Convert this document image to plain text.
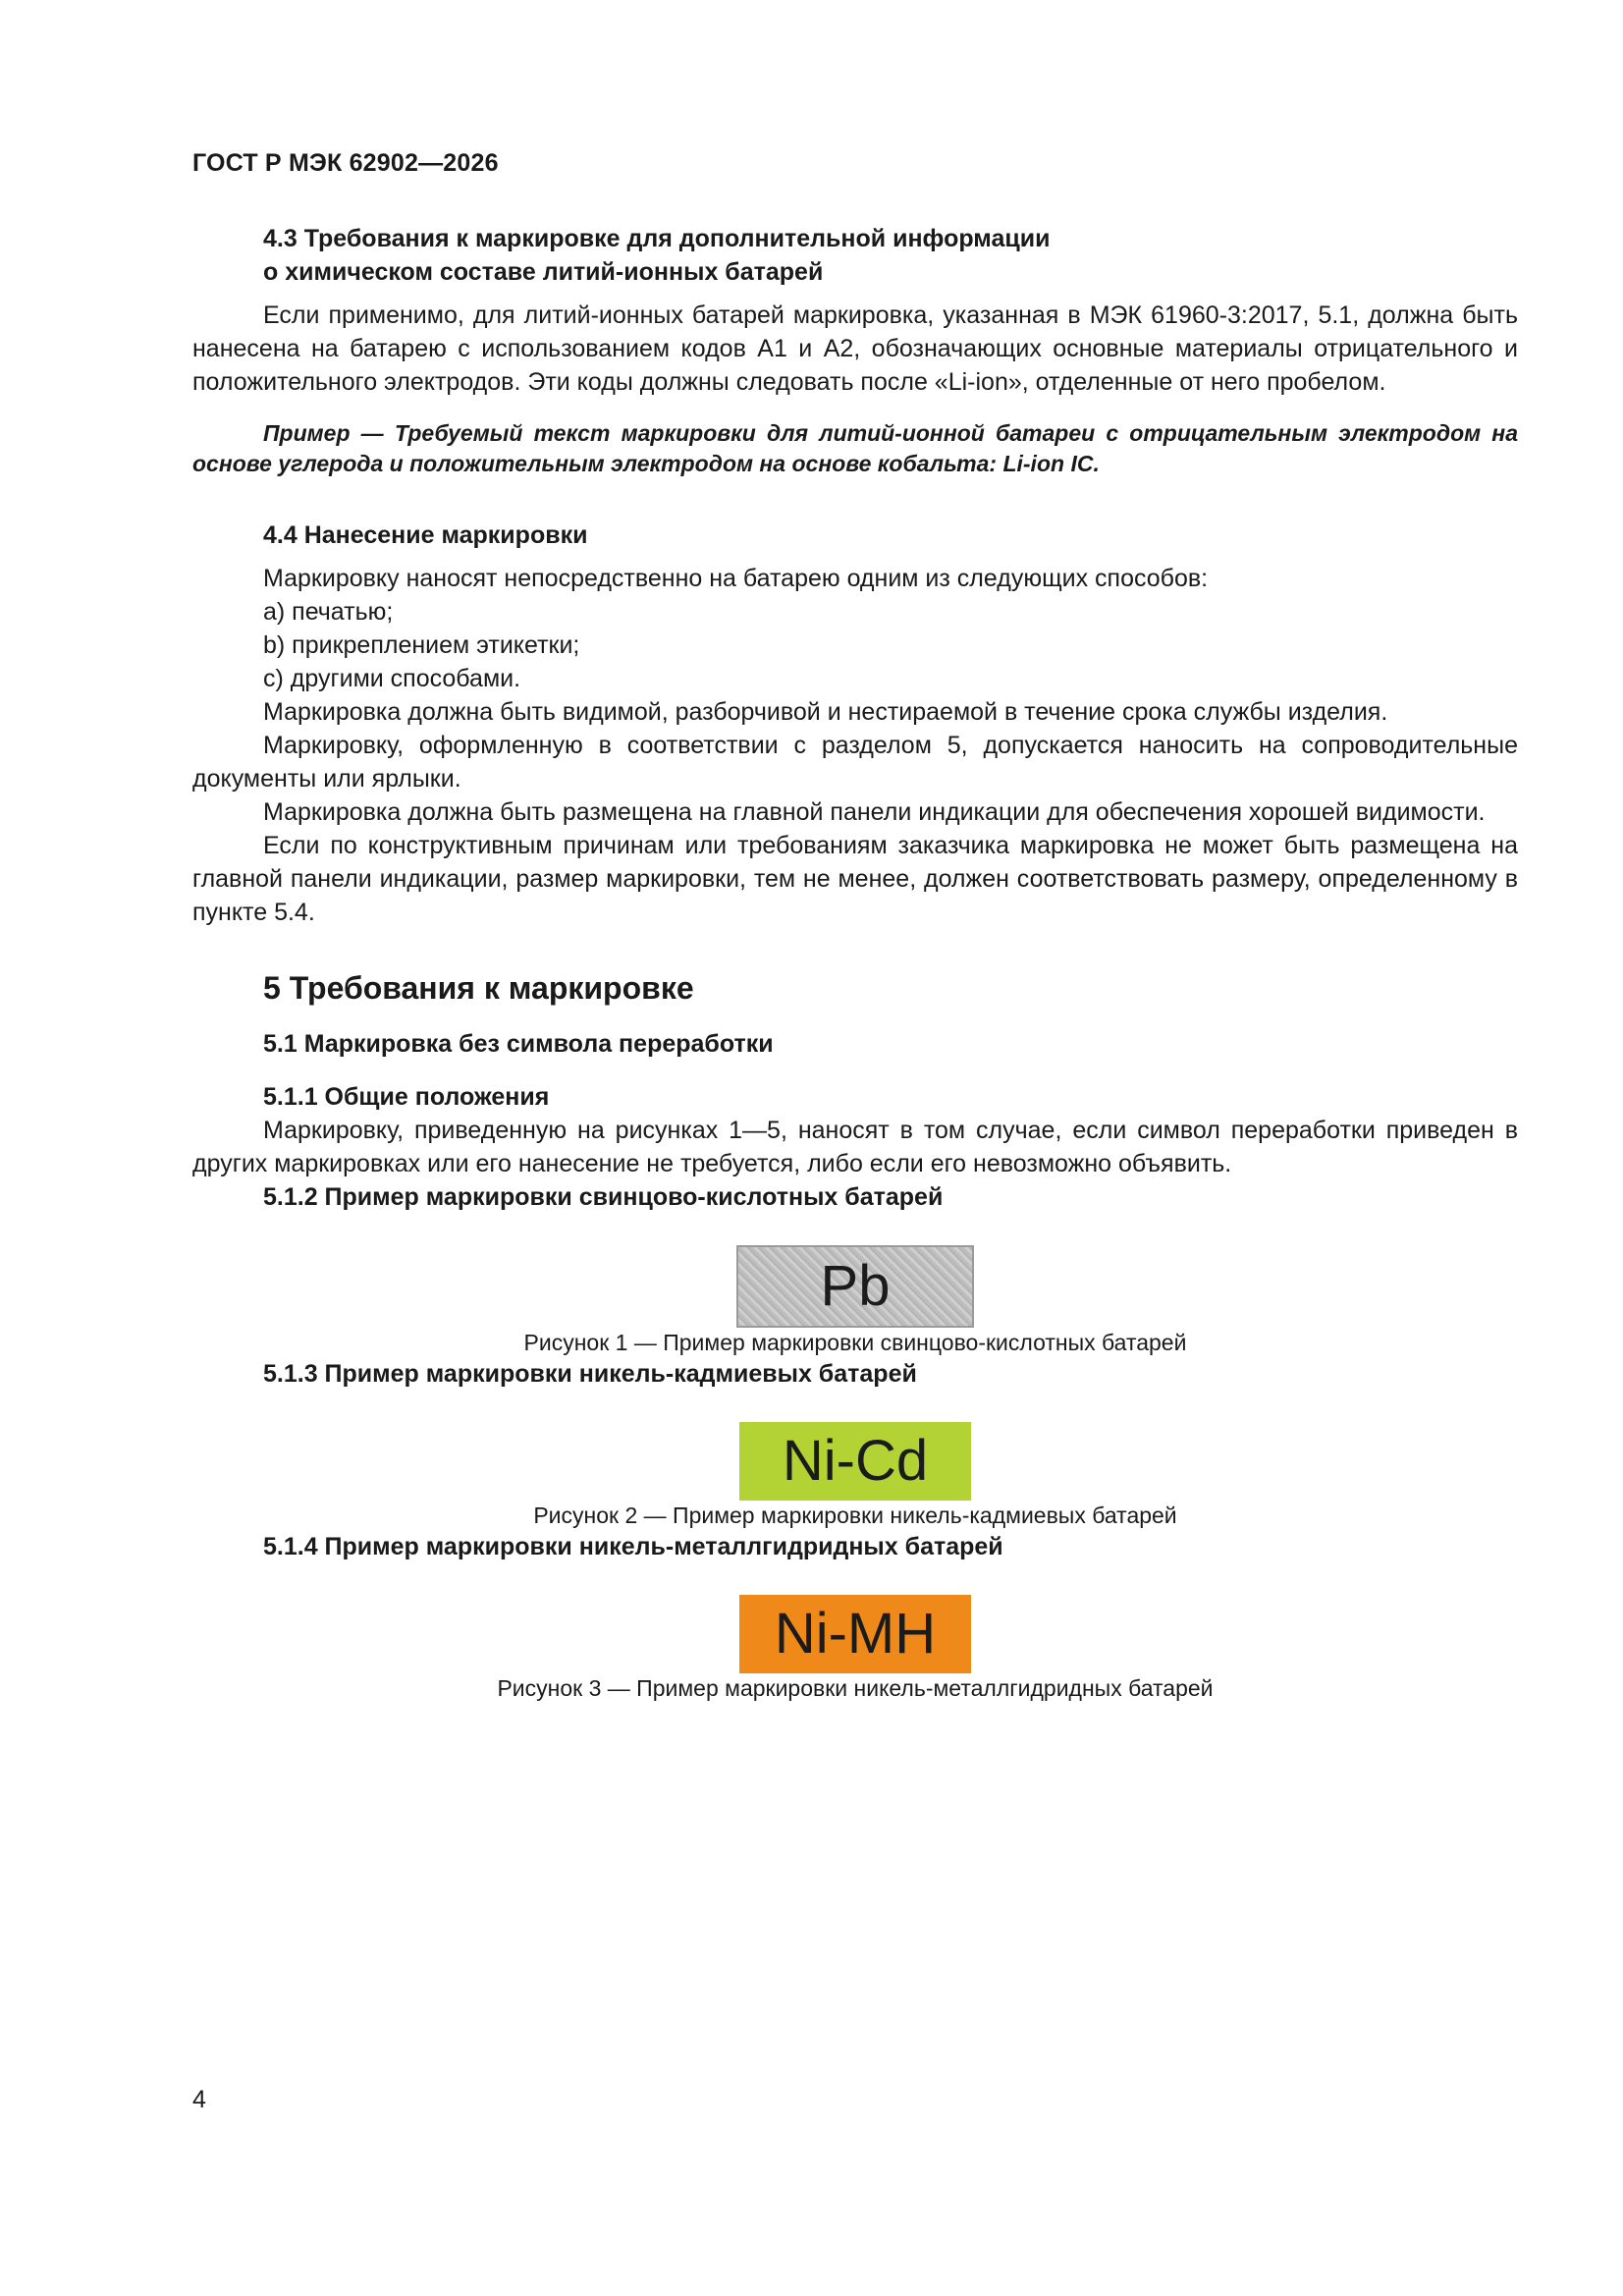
ГОСТ Р МЭК 62902—2026
4.3 Требования к маркировке для дополнительной информации
о химическом составе литий-ионных батарей

Если применимо, для литий-ионных батарей маркировка, указанная в МЭК 61960-3:2017, 5.1, должна быть нанесена на батарею с использованием кодов А1 и А2, обозначающих основные материалы отрицательного и положительного электродов. Эти коды должны следовать после «Li-ion», отделенные от него пробелом.

Пример — Требуемый текст маркировки для литий-ионной батареи с отрицательным электродом на основе углерода и положительным электродом на основе кобальта: Li-ion IC.

4.4 Нанесение маркировки

Маркировку наносят непосредственно на батарею одним из следующих способов:

a) печатью;
b) прикреплением этикетки;
c) другими способами.

Маркировка должна быть видимой, разборчивой и нестираемой в течение срока службы изделия.

Маркировку, оформленную в соответствии с разделом 5, допускается наносить на сопроводительные документы или ярлыки.

Маркировка должна быть размещена на главной панели индикации для обеспечения хорошей видимости.

Если по конструктивным причинам или требованиям заказчика маркировка не может быть размещена на главной панели индикации, размер маркировки, тем не менее, должен соответствовать размеру, определенному в пункте 5.4.

5 Требования к маркировке
5.1 Маркировка без символа переработки
5.1.1 Общие положения

Маркировку, приведенную на рисунках 1—5, наносят в том случае, если символ переработки приведен в других маркировках или его нанесение не требуется, либо если его невозможно объявить.

5.1.2 Пример маркировки свинцово-кислотных батарей
Pb

Рисунок 1 — Пример маркировки свинцово-кислотных батарей

5.1.3 Пример маркировки никель-кадмиевых батарей
Ni-Cd

Рисунок 2 — Пример маркировки никель-кадмиевых батарей

5.1.4 Пример маркировки никель-металлгидридных батарей
Ni-MH

Рисунок 3 — Пример маркировки никель-металлгидридных батарей

4
